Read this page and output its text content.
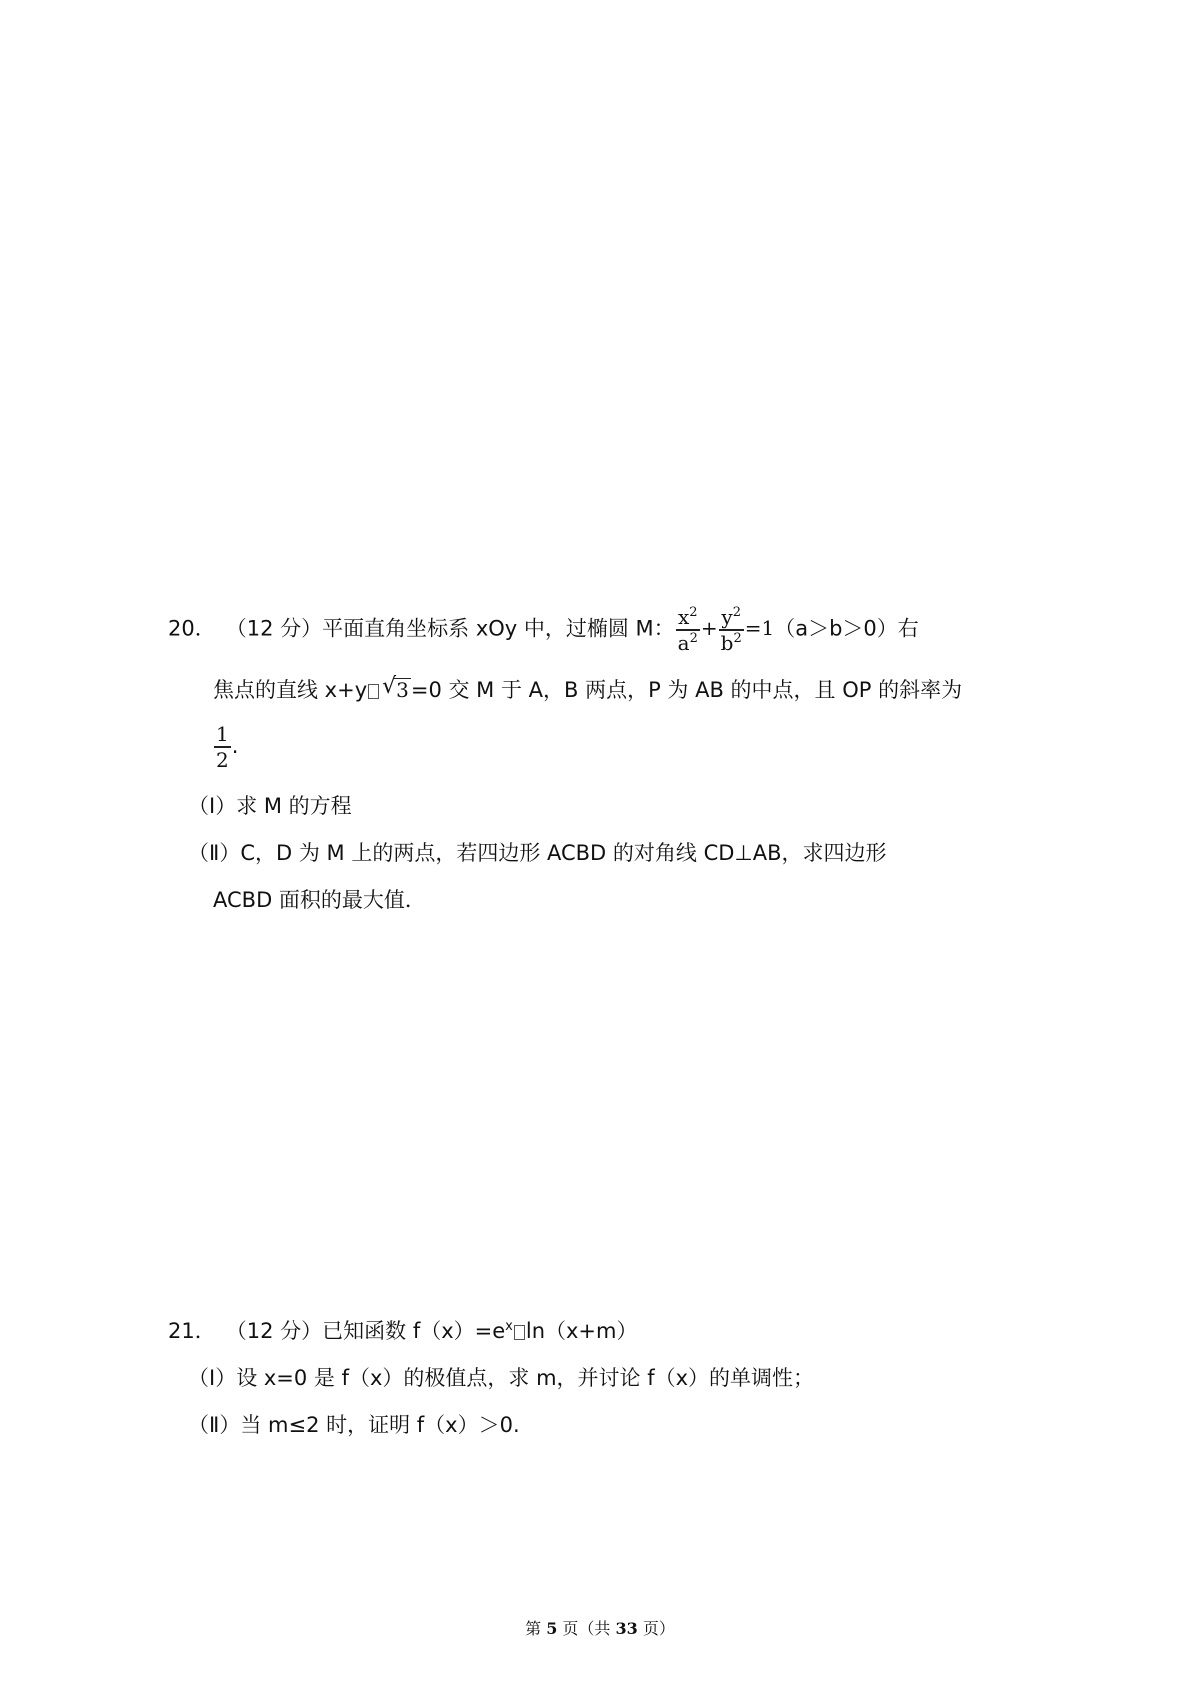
20． （12 分）平面直角坐标系 xOy 中，过椭圆 M： $\frac{x^2}{a^2} + \frac{y^2}{b^2} =1(a>b>0)$右
焦点的直线 x+y √ 3=0 交 M 于 A，B 两点，P 为 AB 的中点，且 OP 的斜率为
$\frac{1}{2}$ .
（Ⅰ）求 M 的方程
（Ⅱ）C，D 为 M 上的两点，若四边形 ACBD 的对角线 CD⊥AB，求四边形
ACBD 面积的最大值．
21． （12 分）已知函数 $f(x)=e^x$ ln（x+m）
（Ⅰ）设 x=0 是 f（x）的极值点，求 m，并讨论 f（x）的单调性；
（Ⅱ）当 m≤2 时，证明 f（x）＞0.
第 5 页（共 33 页）
